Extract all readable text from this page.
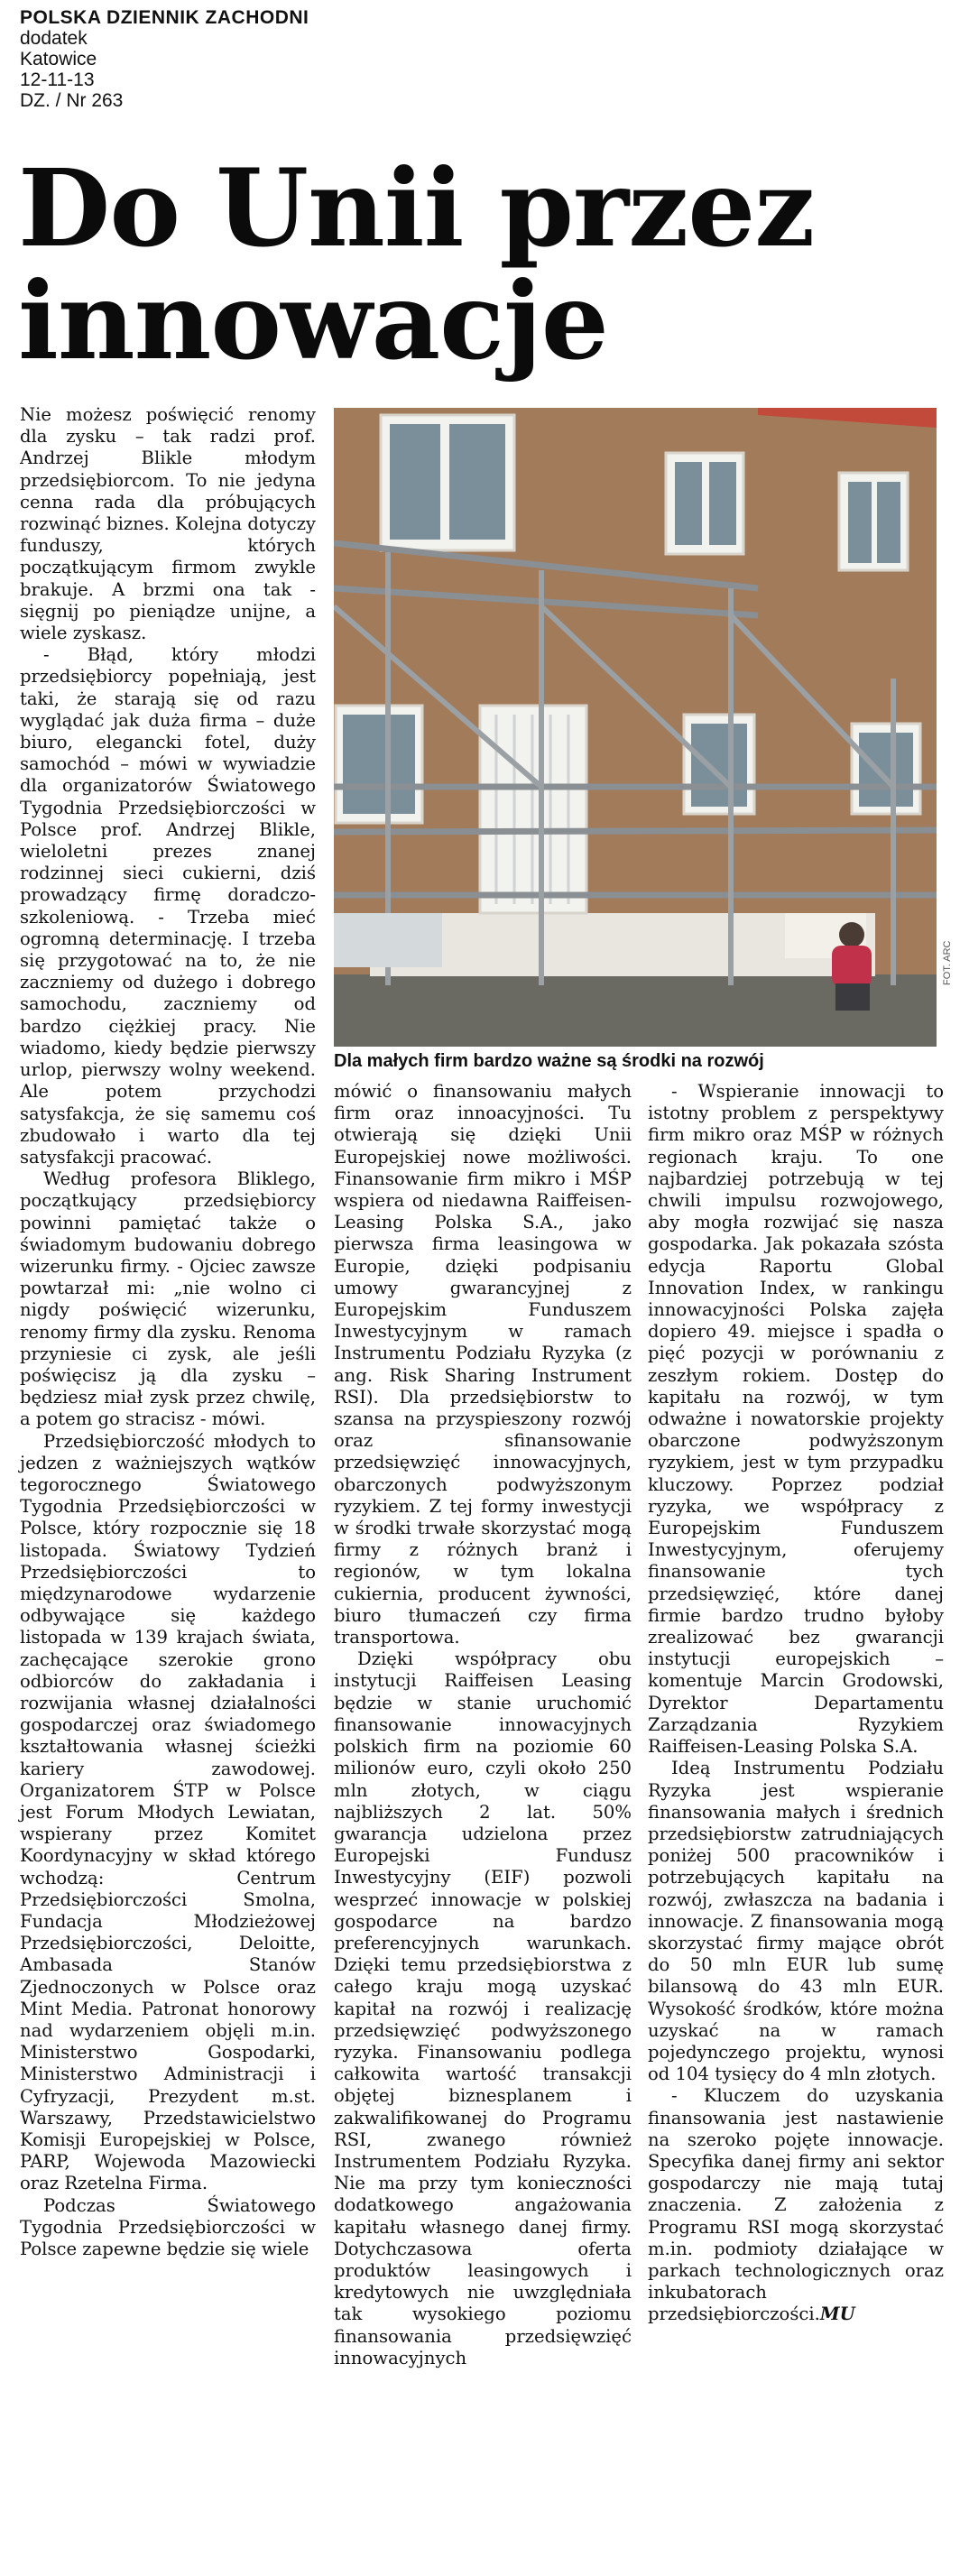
POLSKA DZIENNIK ZACHODNI
dodatek
Katowice
12-11-13
DZ. / Nr 263
Do Unii przez innowacje

Nie możesz poświęcić renomy dla zysku – tak radzi prof. Andrzej Blikle młodym przedsiębiorcom. To nie jedyna cenna rada dla próbujących rozwinąć biznes. Kolejna dotyczy funduszy, których początkującym firmom zwykle brakuje. A brzmi ona tak - sięgnij po pieniądze unijne, a wiele zyskasz.

- Błąd, który młodzi przedsiębiorcy popełniają, jest taki, że starają się od razu wyglądać jak duża firma – duże biuro, elegancki fotel, duży samochód – mówi w wywiadzie dla organizatorów Światowego Tygodnia Przedsiębiorczości w Polsce prof. Andrzej Blikle, wieloletni prezes znanej rodzinnej sieci cukierni, dziś prowadzący firmę doradczo-szkoleniową. - Trzeba mieć ogromną determinację. I trzeba się przygotować na to, że nie zaczniemy od dużego i dobrego samochodu, zaczniemy od bardzo ciężkiej pracy. Nie wiadomo, kiedy będzie pierwszy urlop, pierwszy wolny weekend. Ale potem przychodzi satysfakcja, że się samemu coś zbudowało i warto dla tej satysfakcji pracować.

Według profesora Bliklego, początkujący przedsiębiorcy powinni pamiętać także o świadomym budowaniu dobrego wizerunku firmy. - Ojciec zawsze powtarzał mi: „nie wolno ci nigdy poświęcić wizerunku, renomy firmy dla zysku. Renoma przyniesie ci zysk, ale jeśli poświęcisz ją dla zysku – będziesz miał zysk przez chwilę, a potem go stracisz - mówi.

Przedsiębiorczość młodych to jedzen z ważniejszych wątków tegorocznego Światowego Tygodnia Przedsiębiorczości w Polsce, który rozpocznie się 18 listopada. Światowy Tydzień Przedsiębiorczości to międzynarodowe wydarzenie odbywające się każdego listopada w 139 krajach świata, zachęcające szerokie grono odbiorców do zakładania i rozwijania własnej działalności gospodarczej oraz świadomego kształtowania własnej ścieżki kariery zawodowej. Organizatorem ŚTP w Polsce jest Forum Młodych Lewiatan, wspierany przez Komitet Koordynacyjny w skład którego wchodzą: Centrum Przedsiębiorczości Smolna, Fundacja Młodzieżowej Przedsiębiorczości, Deloitte, Ambasada Stanów Zjednoczonych w Polsce oraz Mint Media. Patronat honorowy nad wydarzeniem objęli m.in. Ministerstwo Gospodarki, Ministerstwo Administracji i Cyfryzacji, Prezydent m.st. Warszawy, Przedstawicielstwo Komisji Europejskiej w Polsce, PARP, Wojewoda Mazowiecki oraz Rzetelna Firma.

Podczas Światowego Tygodnia Przedsiębiorczości w Polsce zapewne będzie się wiele

FOT. ARC
Dla małych firm bardzo ważne są środki na rozwój

mówić o finansowaniu małych firm oraz innoacyjności. Tu otwierają się dzięki Unii Europejskiej nowe możliwości. Finansowanie firm mikro i MŚP wspiera od niedawna Raiffeisen-Leasing Polska S.A., jako pierwsza firma leasingowa w Europie, dzięki podpisaniu umowy gwarancyjnej z Europejskim Funduszem Inwestycyjnym w ramach Instrumentu Podziału Ryzyka (z ang. Risk Sharing Instrument RSI). Dla przedsiębiorstw to szansa na przyspieszony rozwój oraz sfinansowanie przedsięwzięć innowacyjnych, obarczonych podwyższonym ryzykiem. Z tej formy inwestycji w środki trwałe skorzystać mogą firmy z różnych branż i regionów, w tym lokalna cukiernia, producent żywności, biuro tłumaczeń czy firma transportowa.

Dzięki współpracy obu instytucji Raiffeisen Leasing będzie w stanie uruchomić finansowanie innowacyjnych polskich firm na poziomie 60 milionów euro, czyli około 250 mln złotych, w ciągu najbliższych 2 lat. 50% gwarancja udzielona przez Europejski Fundusz Inwestycyjny (EIF) pozwoli wesprzeć innowacje w polskiej gospodarce na bardzo preferencyjnych warunkach. Dzięki temu przedsiębiorstwa z całego kraju mogą uzyskać kapitał na rozwój i realizację przedsięwzięć podwyższonego ryzyka. Finansowaniu podlega całkowita wartość transakcji objętej biznesplanem i zakwalifikowanej do Programu RSI, zwanego również Instrumentem Podziału Ryzyka. Nie ma przy tym konieczności dodatkowego angażowania kapitału własnego danej firmy. Dotychczasowa oferta produktów leasingowych i kredytowych nie uwzględniała tak wysokiego poziomu finansowania przedsięwzięć innowacyjnych

- Wspieranie innowacji to istotny problem z perspektywy firm mikro oraz MŚP w różnych regionach kraju. To one najbardziej potrzebują w tej chwili impulsu rozwojowego, aby mogła rozwijać się nasza gospodarka. Jak pokazała szósta edycja Raportu Global Innovation Index, w rankingu innowacyjności Polska zajęła dopiero 49. miejsce i spadła o pięć pozycji w porównaniu z zeszłym rokiem. Dostęp do kapitału na rozwój, w tym odważne i nowatorskie projekty obarczone podwyższonym ryzykiem, jest w tym przypadku kluczowy. Poprzez podział ryzyka, we współpracy z Europejskim Funduszem Inwestycyjnym, oferujemy finansowanie tych przedsięwzięć, które danej firmie bardzo trudno byłoby zrealizować bez gwarancji instytucji europejskich – komentuje Marcin Grodowski, Dyrektor Departamentu Zarządzania Ryzykiem Raiffeisen-Leasing Polska S.A.

Ideą Instrumentu Podziału Ryzyka jest wspieranie finansowania małych i średnich przedsiębiorstw zatrudniających poniżej 500 pracowników i potrzebujących kapitału na rozwój, zwłaszcza na badania i innowacje. Z finansowania mogą skorzystać firmy mające obrót do 50 mln EUR lub sumę bilansową do 43 mln EUR. Wysokość środków, które można uzyskać na w ramach pojedynczego projektu, wynosi od 104 tysięcy do 4 mln złotych.

- Kluczem do uzyskania finansowania jest nastawienie na szeroko pojęte innowacje. Specyfika danej firmy ani sektor gospodarczy nie mają tutaj znaczenia. Z założenia z Programu RSI mogą skorzystać m.in. podmioty działające w parkach technologicznych oraz inkubatorach przedsiębiorczości.MU
